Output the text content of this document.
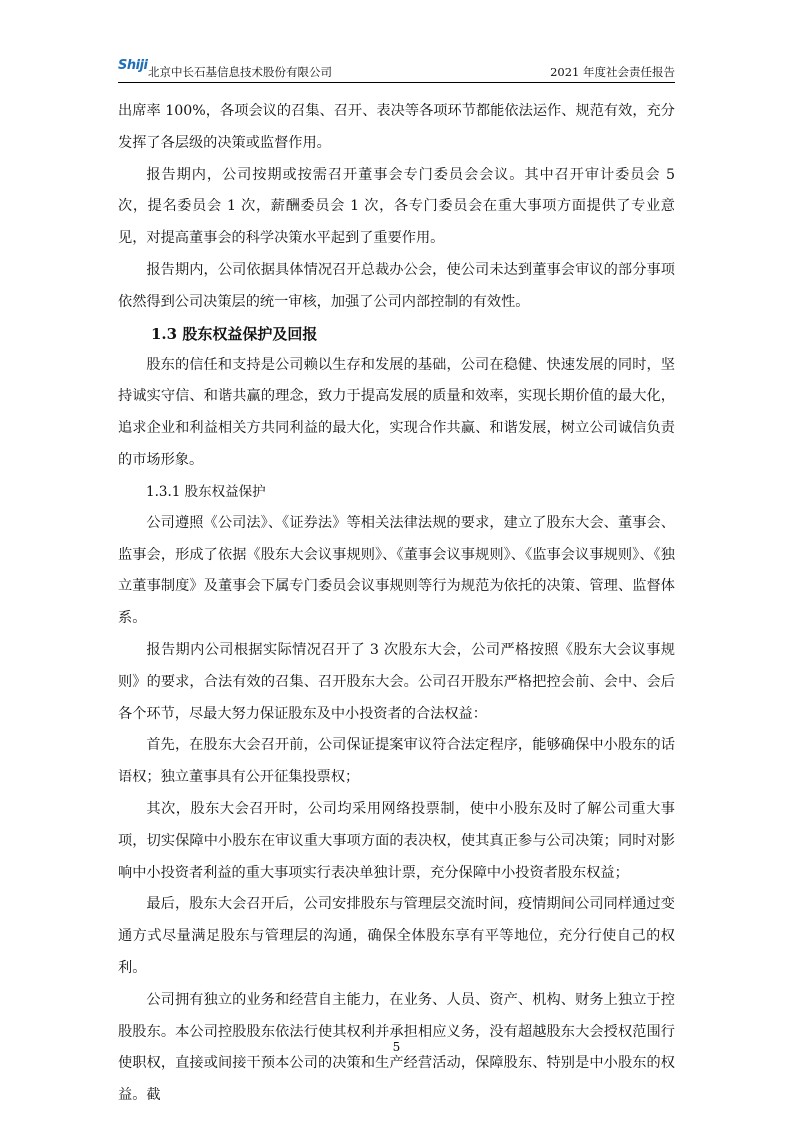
Shiji 北京中长石基信息技术股份有限公司	2021 年度社会责任报告

出席率 100%，各项会议的召集、召开、表决等各项环节都能依法运作、规范有效，充分发挥了各层级的决策或监督作用。

报告期内，公司按期或按需召开董事会专门委员会会议。其中召开审计委员会 5 次，提名委员会 1 次，薪酬委员会 1 次，各专门委员会在重大事项方面提供了专业意见，对提高董事会的科学决策水平起到了重要作用。

报告期内，公司依据具体情况召开总裁办公会，使公司未达到董事会审议的部分事项依然得到公司决策层的统一审核，加强了公司内部控制的有效性。

1.3 股东权益保护及回报

股东的信任和支持是公司赖以生存和发展的基础，公司在稳健、快速发展的同时，坚持诚实守信、和谐共赢的理念，致力于提高发展的质量和效率，实现长期价值的最大化，追求企业和利益相关方共同利益的最大化，实现合作共赢、和谐发展，树立公司诚信负责的市场形象。

1.3.1 股东权益保护

公司遵照《公司法》、《证券法》等相关法律法规的要求，建立了股东大会、董事会、监事会，形成了依据《股东大会议事规则》、《董事会议事规则》、《监事会议事规则》、《独立董事制度》及董事会下属专门委员会议事规则等行为规范为依托的决策、管理、监督体系。

报告期内公司根据实际情况召开了 3 次股东大会，公司严格按照《股东大会议事规则》的要求，合法有效的召集、召开股东大会。公司召开股东严格把控会前、会中、会后各个环节，尽最大努力保证股东及中小投资者的合法权益：

首先，在股东大会召开前，公司保证提案审议符合法定程序，能够确保中小股东的话语权；独立董事具有公开征集投票权；

其次，股东大会召开时，公司均采用网络投票制，使中小股东及时了解公司重大事项，切实保障中小股东在审议重大事项方面的表决权，使其真正参与公司决策；同时对影响中小投资者利益的重大事项实行表决单独计票，充分保障中小投资者股东权益；

最后，股东大会召开后，公司安排股东与管理层交流时间，疫情期间公司同样通过变通方式尽量满足股东与管理层的沟通，确保全体股东享有平等地位，充分行使自己的权利。

公司拥有独立的业务和经营自主能力，在业务、人员、资产、机构、财务上独立于控股股东。本公司控股股东依法行使其权利并承担相应义务，没有超越股东大会授权范围行使职权，直接或间接干预本公司的决策和生产经营活动，保障股东、特别是中小股东的权益。截

5
